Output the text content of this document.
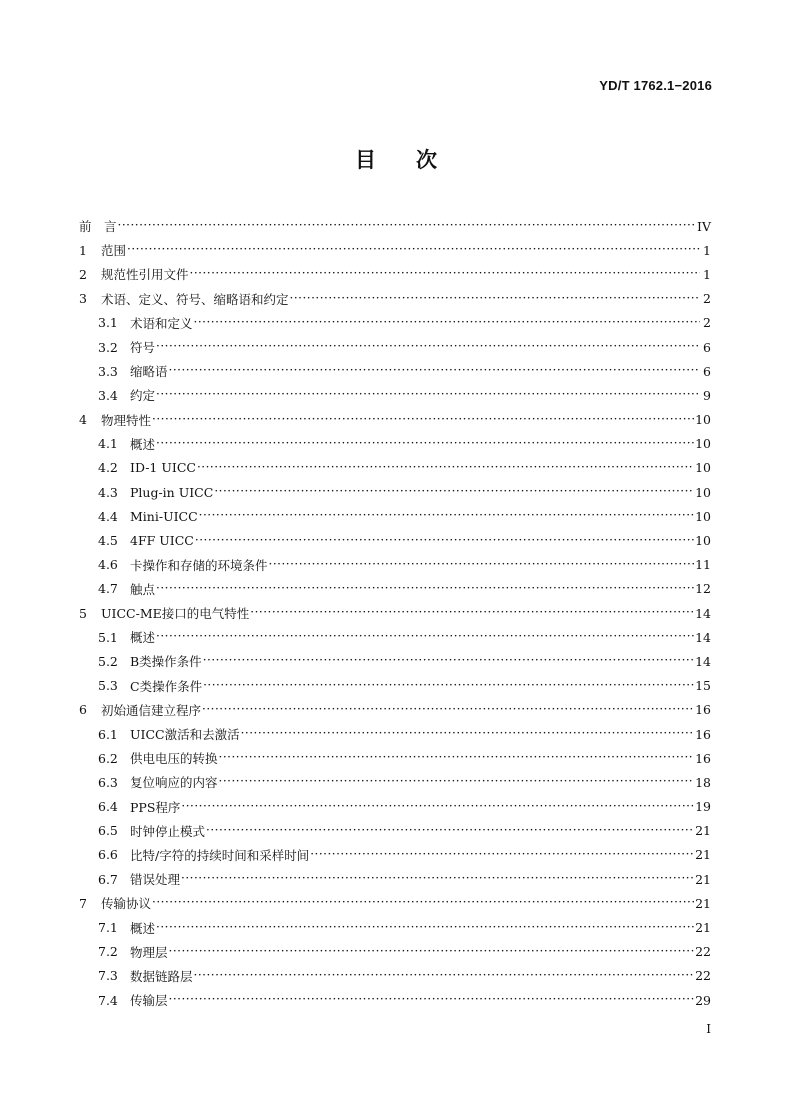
YD/T 1762.1−2016
目 次
前　言 ·····	IV
1	范围 ·····	1
2	规范性引用文件 ·····	1
3	术语、定义、符号、缩略语和约定 ·····	2
3.1 术语和定义 ·····	2
3.2 符号 ·····	6
3.3 缩略语 ·····	6
3.4 约定 ·····	9
4	物理特性 ·····	10
4.1 概述 ·····	10
4.2 ID-1 UICC ·····	10
4.3 Plug-in UICC ·····	10
4.4 Mini-UICC ·····	10
4.5 4FF UICC ·····	10
4.6 卡操作和存储的环境条件 ·····	11
4.7 触点 ·····	12
5	UICC-ME接口的电气特性 ·····	14
5.1 概述 ·····	14
5.2 B类操作条件 ·····	14
5.3 C类操作条件 ·····	15
6	初始通信建立程序 ·····	16
6.1 UICC激活和去激活 ·····	16
6.2 供电电压的转换 ·····	16
6.3 复位响应的内容 ·····	18
6.4 PPS程序 ·····	19
6.5 时钟停止模式 ·····	21
6.6 比特/字符的持续时间和采样时间 ·····	21
6.7 错误处理 ·····	21
7	传输协议 ·····	21
7.1 概述 ·····	21
7.2 物理层 ·····	22
7.3 数据链路层 ·····	22
7.4 传输层 ·····	29
I
